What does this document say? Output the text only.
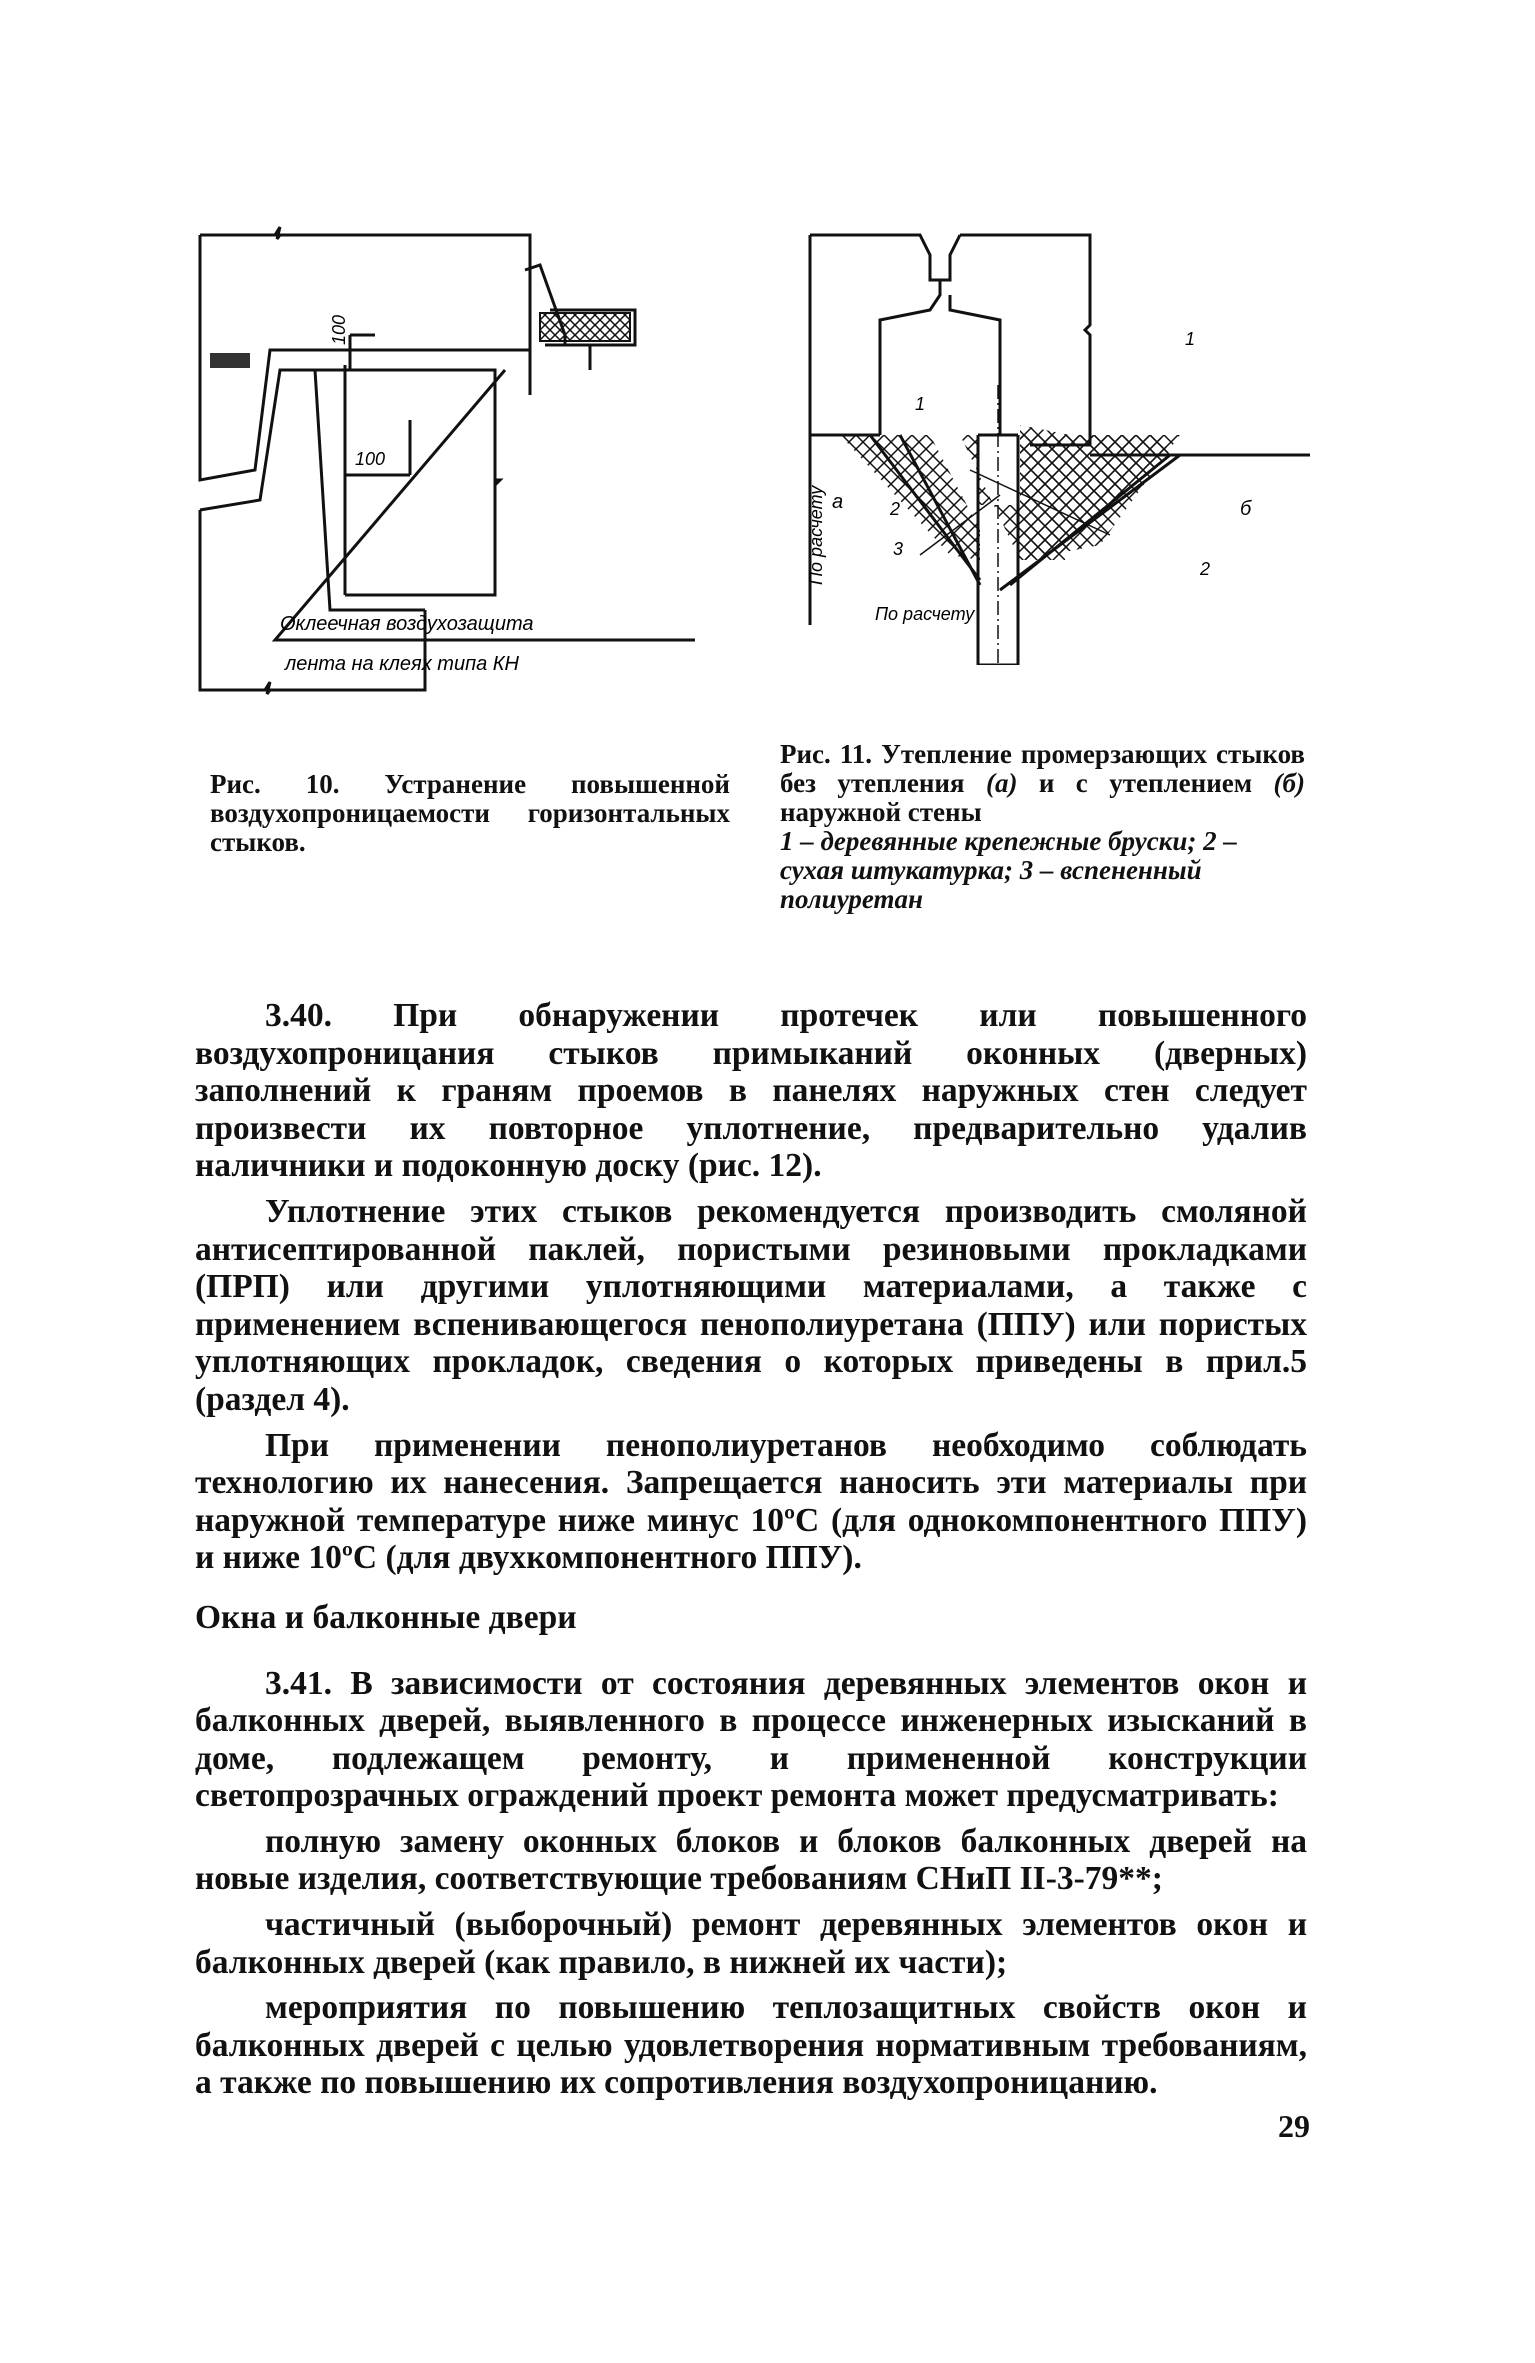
100
100
Оклеечная воздухозащита
лента на клеях типа КН
а	б
1
1
2
2
3
По расчету
По расчету
Рис. 10. Устранение повышенной воздухопроницаемости горизонтальных стыков.
Рис. 11. Утепление промерзающих стыков без утепления (а) и с утеплением (б) наружной стены
1 – деревянные крепежные бруски; 2 – сухая штукатурка; 3 – вспененный полиуретан

3.40. При обнаружении протечек или повышенного воздухопроницания стыков примыканий оконных (дверных) заполнений к граням проемов в панелях наружных стен следует произвести их повторное уплотнение, предварительно удалив наличники и подоконную доску (рис. 12).

Уплотнение этих стыков рекомендуется производить смоляной антисептированной паклей, пористыми резиновыми прокладками (ПРП) или другими уплотняющими материалами, а также с применением вспенивающегося пенополиуретана (ППУ) или пористых уплотняющих прокладок, сведения о которых приведены в прил.5 (раздел 4).

При применении пенополиуретанов необходимо соблюдать технологию их нанесения. Запрещается наносить эти материалы при наружной температуре ниже минус 10ºС (для однокомпонентного ППУ) и ниже 10ºС (для двухкомпонентного ППУ).

Окна и балконные двери

3.41. В зависимости от состояния деревянных элементов окон и балконных дверей, выявленного в процессе инженерных изысканий в доме, подлежащем ремонту, и примененной конструкции светопрозрачных ограждений проект ремонта может предусматривать:

полную замену оконных блоков и блоков балконных дверей на новые изделия, соответствующие требованиям СНиП II-3-79**;

частичный (выборочный) ремонт деревянных элементов окон и балконных дверей (как правило, в нижней их части);

мероприятия по повышению теплозащитных свойств окон и балконных дверей с целью удовлетворения нормативным требованиям, а также по повышению их сопротивления воздухопроницанию.

29
